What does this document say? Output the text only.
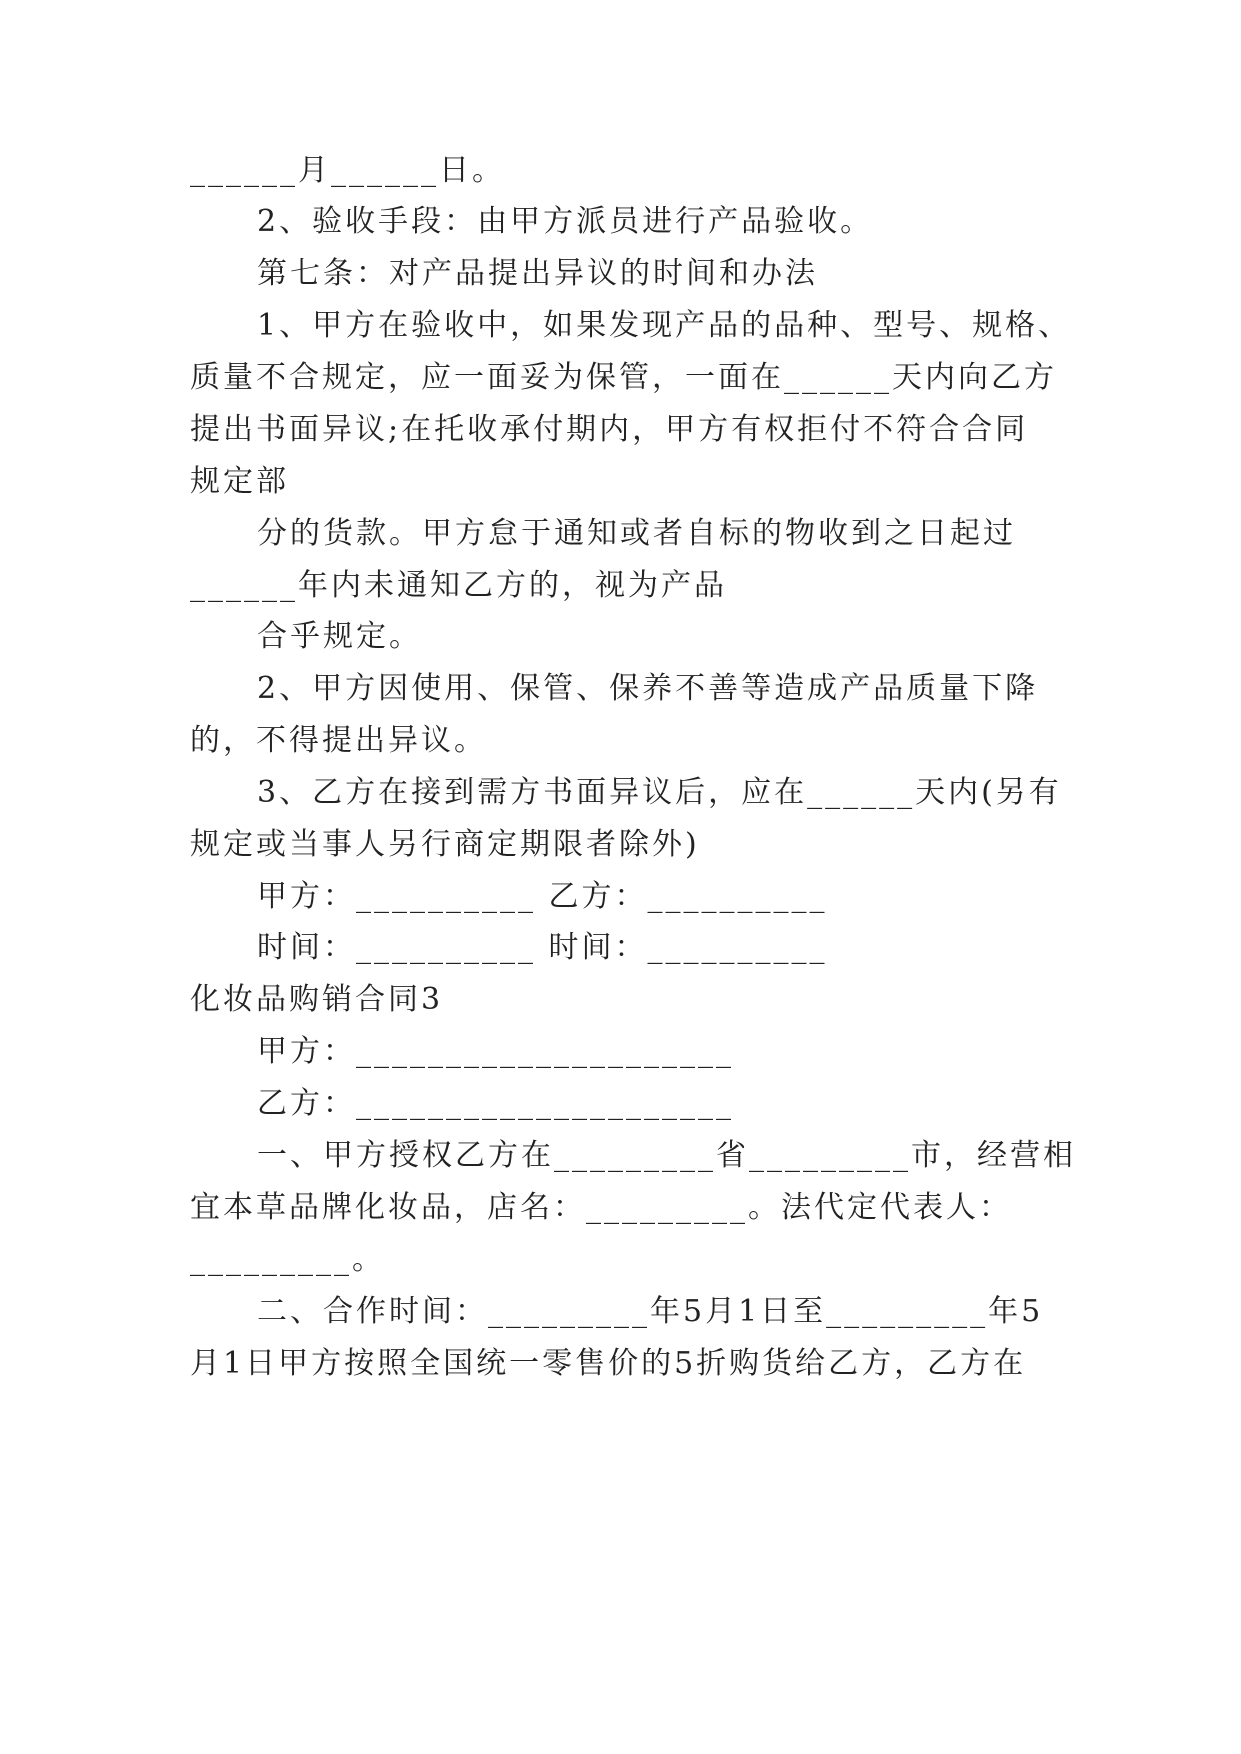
______月______日。
2、验收手段：由甲方派员进行产品验收。
第七条：对产品提出异议的时间和办法
1、甲方在验收中，如果发现产品的品种、型号、规格、
质量不合规定，应一面妥为保管，一面在______天内向乙方
提出书面异议;在托收承付期内，甲方有权拒付不符合合同
规定部
分的货款。甲方怠于通知或者自标的物收到之日起过
______年内未通知乙方的，视为产品
合乎规定。
2、甲方因使用、保管、保养不善等造成产品质量下降
的，不得提出异议。
3、乙方在接到需方书面异议后，应在______天内(另有
规定或当事人另行商定期限者除外)
甲方：__________ 乙方：__________
时间：__________ 时间：__________
化妆品购销合同3
甲方：_____________________
乙方：_____________________
一、甲方授权乙方在_________省_________市，经营相
宜本草品牌化妆品，店名：_________。法代定代表人：
_________。
二、合作时间：_________年5月1日至_________年5
月1日甲方按照全国统一零售价的5折购货给乙方，乙方在
